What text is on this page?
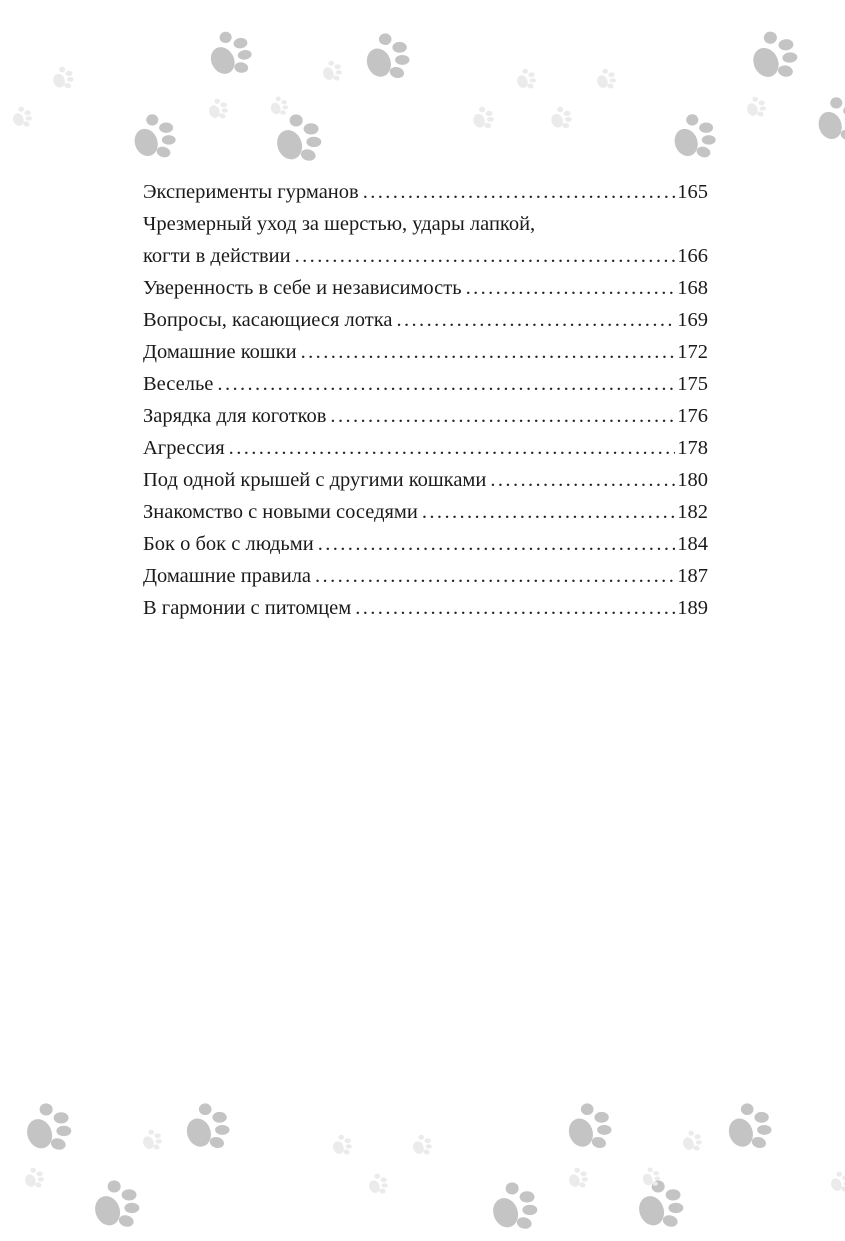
Эксперименты гурманов .....	165
Чрезмерный уход за шерстью, удары лапкой,
когти в действии .....	166
Уверенность в себе и независимость .....	168
Вопросы, касающиеся лотка .....	169
Домашние кошки .....	172
Веселье .....	175
Зарядка для коготков .....	176
Агрессия .....	178
Под одной крышей с другими кошками .....	180
Знакомство с новыми соседями .....	182
Бок о бок с людьми .....	184
Домашние правила .....	187
В гармонии с питомцем .....	189
